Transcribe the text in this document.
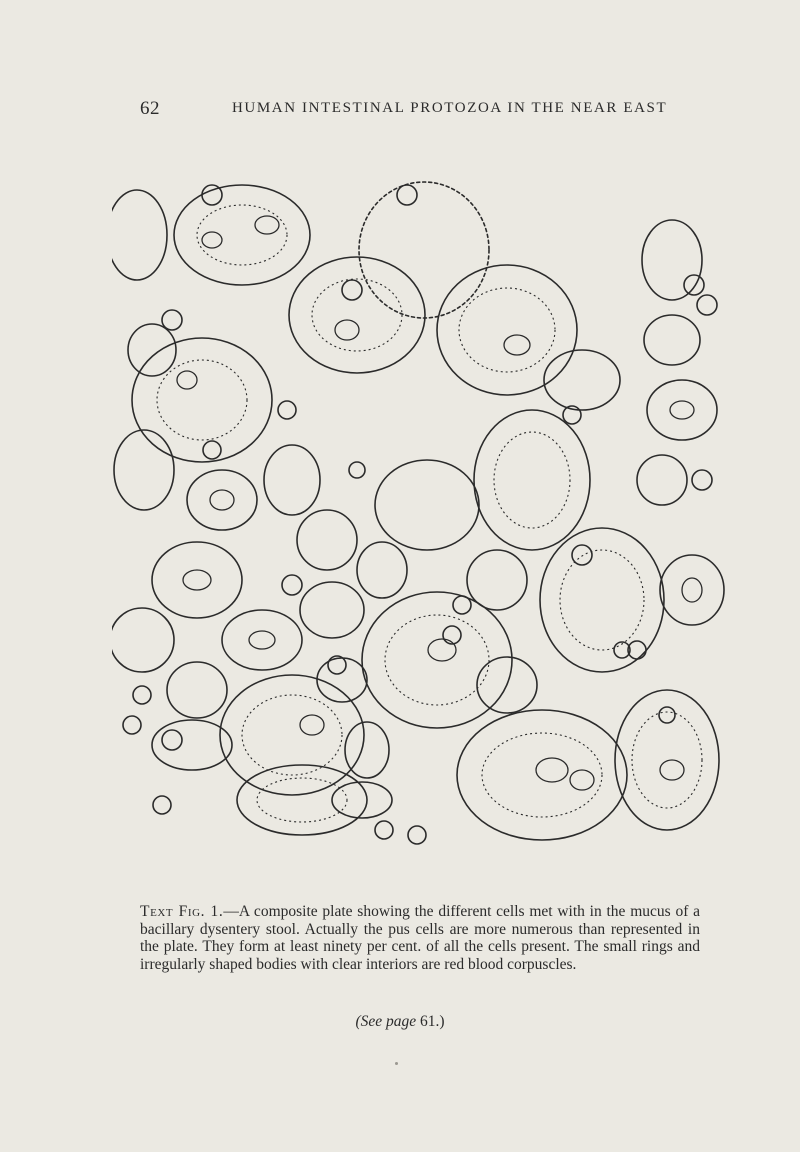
62	HUMAN INTESTINAL PROTOZOA IN THE NEAR EAST
Text Fig. 1.—A composite plate showing the different cells met with in the mucus of a bacillary dysentery stool. Actually the pus cells are more numerous than represented in the plate. They form at least ninety per cent. of all the cells present. The small rings and irregularly shaped bodies with clear interiors are red blood corpuscles.
(See page 61.)
